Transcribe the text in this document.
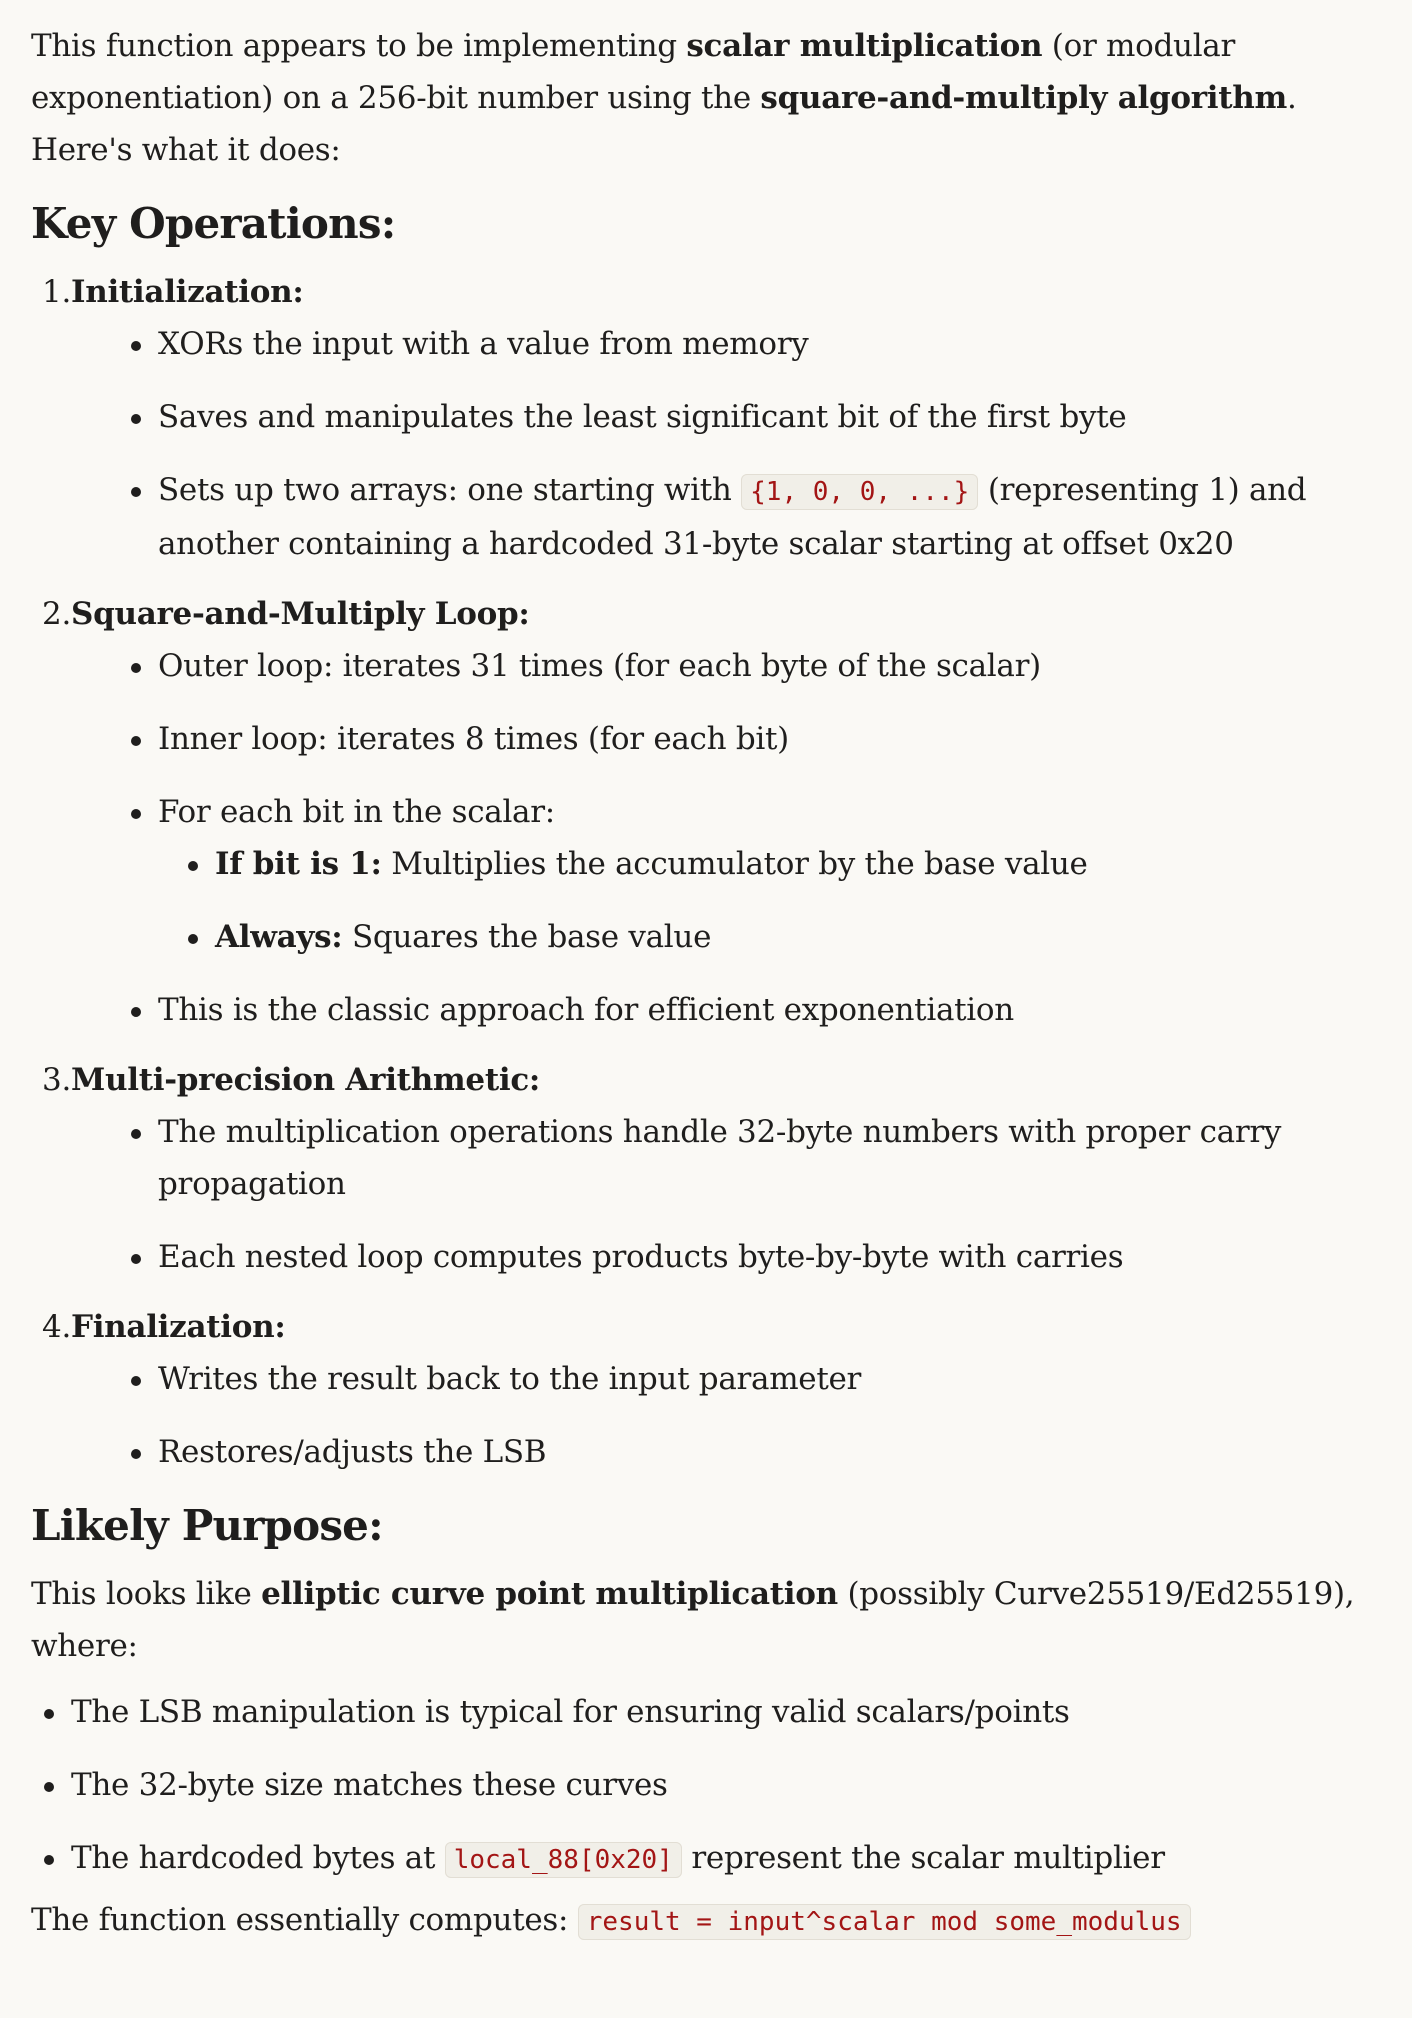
This function appears to be implementing scalar multiplication (or modular exponentiation) on a 256-bit number using the square-and-multiply algorithm. Here's what it does:

Key Operations:
1. Initialization:
XORs the input with a value from memory
Saves and manipulates the least significant bit of the first byte
Sets up two arrays: one starting with {1, 0, 0, ...} (representing 1) and another containing a hardcoded 31-byte scalar starting at offset 0x20
2. Square-and-Multiply Loop:
Outer loop: iterates 31 times (for each byte of the scalar)
Inner loop: iterates 8 times (for each bit)
For each bit in the scalar:
If bit is 1: Multiplies the accumulator by the base value
Always: Squares the base value
This is the classic approach for efficient exponentiation
3. Multi-precision Arithmetic:
The multiplication operations handle 32-byte numbers with proper carry propagation
Each nested loop computes products byte-by-byte with carries
4. Finalization:
Writes the result back to the input parameter
Restores/adjusts the LSB
Likely Purpose:

This looks like elliptic curve point multiplication (possibly Curve25519/Ed25519), where:

The LSB manipulation is typical for ensuring valid scalars/points
The 32-byte size matches these curves
The hardcoded bytes at local_88[0x20] represent the scalar multiplier

The function essentially computes: result = input^scalar mod some_modulus
